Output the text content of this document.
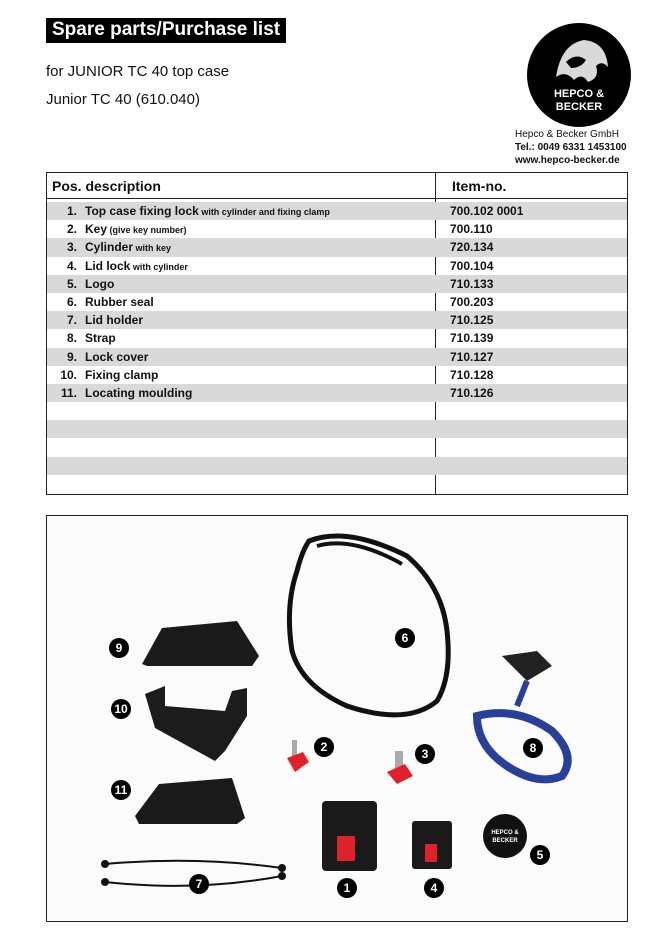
Spare parts/Purchase list
for JUNIOR TC 40 top case
Junior TC 40 (610.040)	HEPCO &
BECKER
Hepco & Becker GmbH
Tel.: 0049 6331 1453100
www.hepco-becker.de
Pos. description	Item-no.
1. Top case fixing lock with cylinder and fixing clamp	700.102 0001
2. Key (give key number)	700.110
3. Cylinder with key	720.134
4. Lid lock with cylinder	700.104
5. Logo	710.133
6. Rubber seal	700.203
7. Lid holder	710.125
8. Strap	710.139
9. Lock cover	710.127
10. Fixing clamp	710.128
11. Locating moulding	710.126
HEPCO &
BECKER
1
2	3
4
5
6
7
8
9
10
11
